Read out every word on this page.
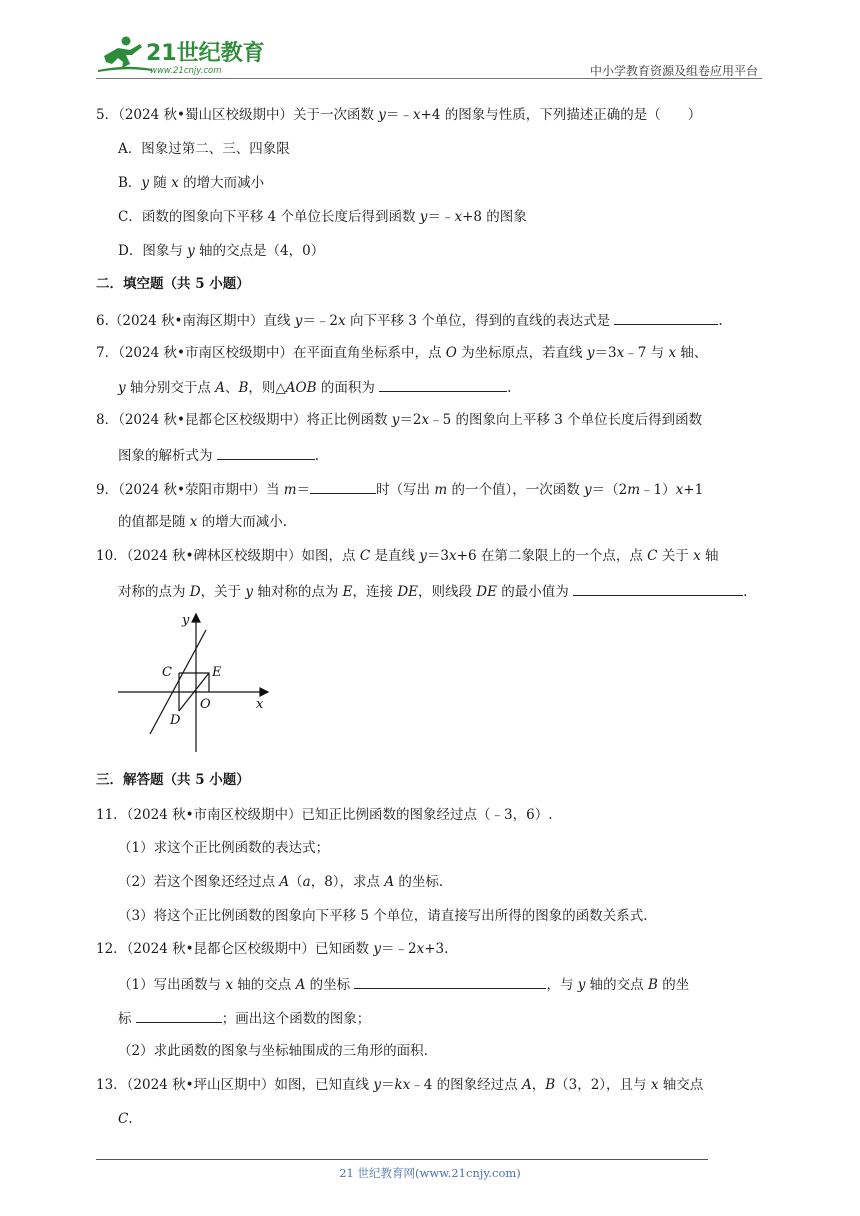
21世纪教育
www.21cnjy.com	中小学教育资源及组卷应用平台
5．（2024 秋•蜀山区校级期中）关于一次函数 y＝﹣x+4 的图象与性质，下列描述正确的是（　　）
A．图象过第二、三、四象限
B．y 随 x 的增大而减小
C．函数的图象向下平移 4 个单位长度后得到函数 y＝﹣x+8 的图象
D．图象与 y 轴的交点是（4，0）
二．填空题（共 5 小题）
6.（2024 秋•南海区期中）直线 y＝﹣2x 向下平移 3 个单位，得到的直线的表达式是	.
7．（2024 秋•市南区校级期中）在平面直角坐标系中，点 O 为坐标原点，若直线 y＝3x﹣7 与 x 轴、
y 轴分别交于点 A、B，则△AOB 的面积为	.
8．（2024 秋•昆都仑区校级期中）将正比例函数 y＝2x﹣5 的图象向上平移 3 个单位长度后得到函数
图象的解析式为	.
9．（2024 秋•荥阳市期中）当 m＝	时（写出 m 的一个值），一次函数 y＝（2m﹣1）x+1
的值都是随 x 的增大而减小.
10．（2024 秋•碑林区校级期中）如图，点 C 是直线 y＝3x+6 在第二象限上的一个点，点 C 关于 x 轴
对称的点为 D，关于 y 轴对称的点为 E，连接 DE，则线段 DE 的最小值为	.
y
x
C	E
O
D
三．解答题（共 5 小题）
11．（2024 秋•市南区校级期中）已知正比例函数的图象经过点（﹣3，6）.
（1）求这个正比例函数的表达式；
（2）若这个图象还经过点 A（a，8），求点 A 的坐标.
（3）将这个正比例函数的图象向下平移 5 个单位，请直接写出所得的图象的函数关系式.
12．（2024 秋•昆都仑区校级期中）已知函数 y＝﹣2x+3.
（1）写出函数与 x 轴的交点 A 的坐标	，与 y 轴的交点 B 的坐
标	；画出这个函数的图象；
（2）求此函数的图象与坐标轴围成的三角形的面积.
13．（2024 秋•坪山区期中）如图，已知直线 y＝kx﹣4 的图象经过点 A，B（3，2），且与 x 轴交点
C.
21 世纪教育网(www.21cnjy.com)
